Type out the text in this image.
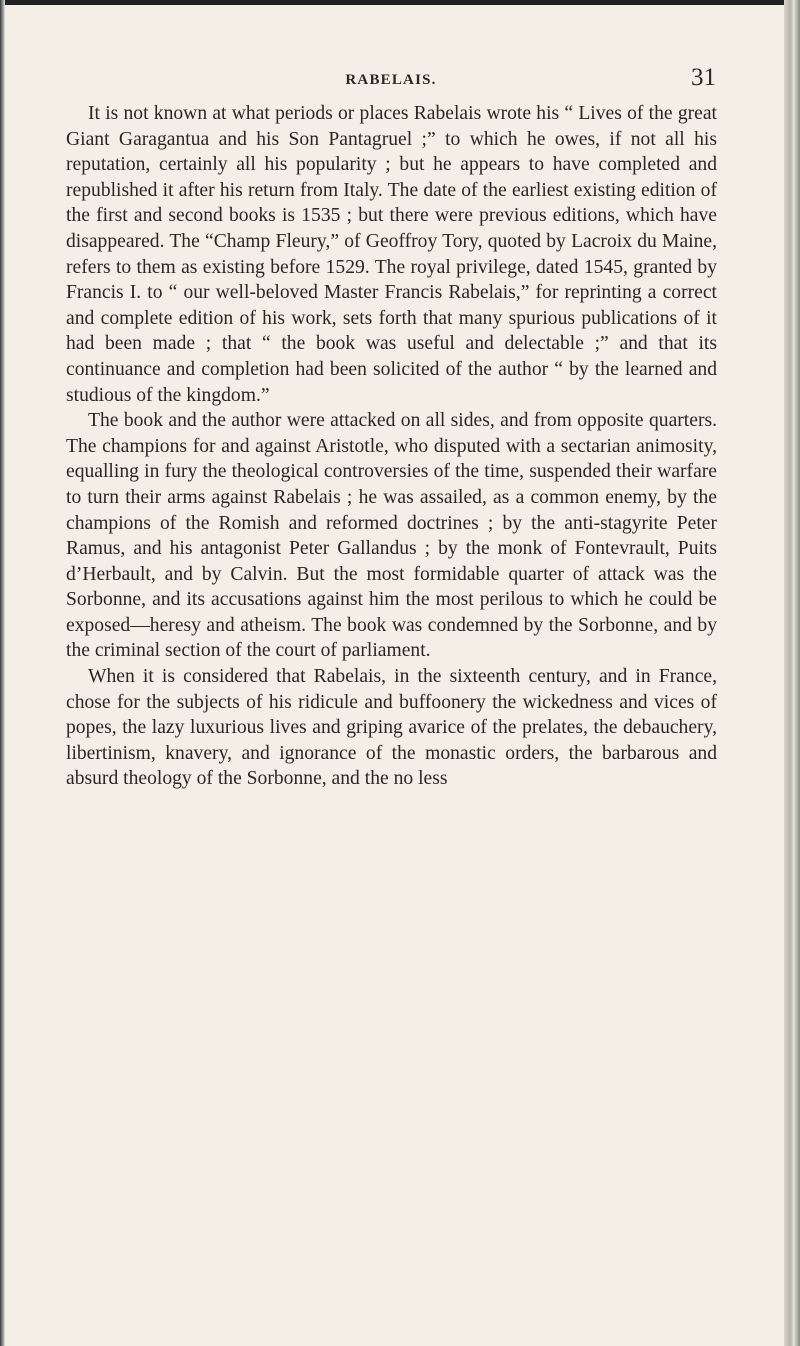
RABELAIS.	31

It is not known at what periods or places Rabelais wrote his “ Lives of the great Giant Garagantua and his Son Pantagruel ;” to which he owes, if not all his reputation, certainly all his popularity ; but he appears to have completed and republished it after his return from Italy. The date of the earliest existing edition of the first and second books is 1535 ; but there were previous editions, which have disappeared. The “Champ Fleury,” of Geoffroy Tory, quoted by Lacroix du Maine, refers to them as existing before 1529. The royal privilege, dated 1545, granted by Francis I. to “ our well-beloved Master Francis Rabelais,” for reprinting a correct and complete edition of his work, sets forth that many spurious publications of it had been made ; that “ the book was useful and delectable ;” and that its continuance and completion had been solicited of the author “ by the learned and studious of the kingdom.”

The book and the author were attacked on all sides, and from opposite quarters. The champions for and against Aristotle, who disputed with a sectarian animosity, equalling in fury the theological controversies of the time, suspended their warfare to turn their arms against Rabelais ; he was assailed, as a common enemy, by the champions of the Romish and reformed doctrines ; by the anti-stagyrite Peter Ramus, and his antagonist Peter Gallandus ; by the monk of Fontevrault, Puits d’Herbault, and by Calvin. But the most formidable quarter of attack was the Sorbonne, and its accusations against him the most perilous to which he could be exposed—heresy and atheism. The book was condemned by the Sorbonne, and by the criminal section of the court of parliament.

When it is considered that Rabelais, in the sixteenth century, and in France, chose for the subjects of his ridicule and buffoonery the wickedness and vices of popes, the lazy luxurious lives and griping avarice of the prelates, the debauchery, libertinism, knavery, and ignorance of the monastic orders, the barbarous and absurd theology of the Sorbonne, and the no less
